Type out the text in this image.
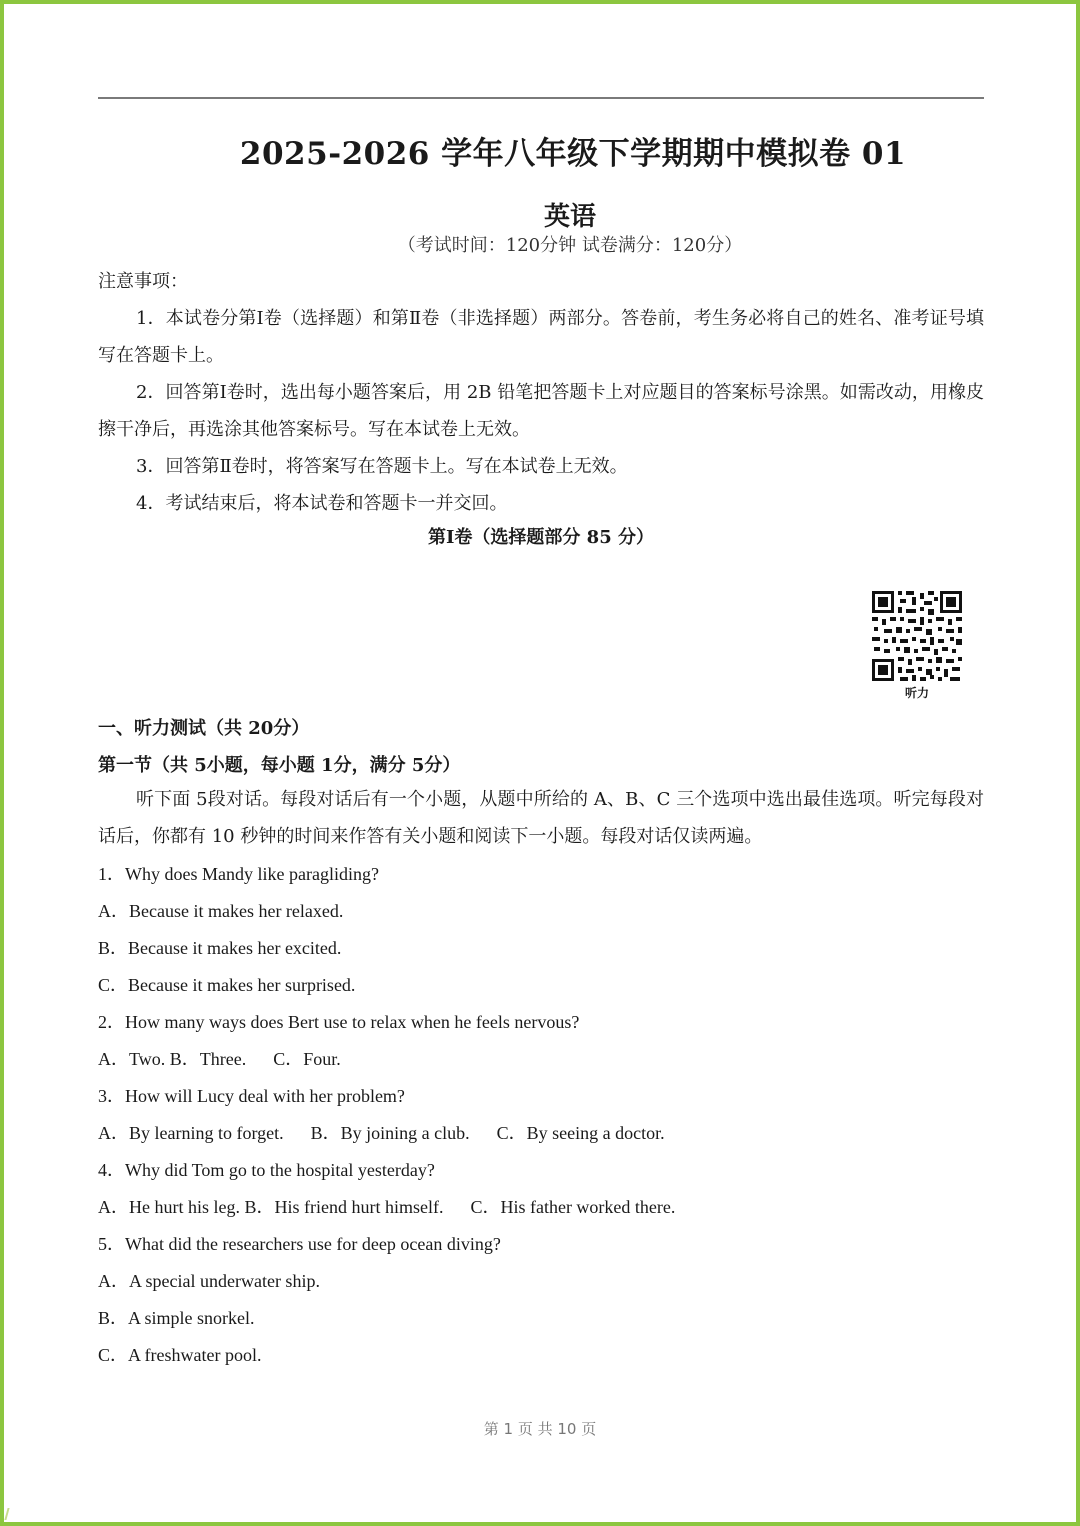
2025-2026 学年八年级下学期期中模拟卷 01
英语
（考试时间：120分钟 试卷满分：120分）
注意事项：
1．本试卷分第Ⅰ卷（选择题）和第Ⅱ卷（非选择题）两部分。答卷前，考生务必将自己的姓名、准考证号填写在答题卡上。
2．回答第Ⅰ卷时，选出每小题答案后，用 2B 铅笔把答题卡上对应题目的答案标号涂黑。如需改动，用橡皮擦干净后，再选涂其他答案标号。写在本试卷上无效。
3．回答第Ⅱ卷时，将答案写在答题卡上。写在本试卷上无效。
4．考试结束后，将本试卷和答题卡一并交回。
第Ⅰ卷（选择题部分 85 分）
听力
一、听力测试（共 20分）
第一节（共 5小题，每小题 1分，满分 5分）
听下面 5段对话。每段对话后有一个小题，从题中所给的 A、B、C 三个选项中选出最佳选项。听完每段对话后，你都有 10 秒钟的时间来作答有关小题和阅读下一小题。每段对话仅读两遍。
1．Why does Mandy like paragliding?
A．Because it makes her relaxed.
B．Because it makes her excited.
C．Because it makes her surprised.
2．How many ways does Bert use to relax when he feels nervous?
A．Two. B．Three.      C．Four.
3．How will Lucy deal with her problem?
A．By learning to forget.      B．By joining a club.      C．By seeing a doctor.
4．Why did Tom go to the hospital yesterday?
A．He hurt his leg. B．His friend hurt himself.      C．His father worked there.
5．What did the researchers use for deep ocean diving?
A．A special underwater ship.
B．A simple snorkel.
C．A freshwater pool.
第 1 页 共 10 页
